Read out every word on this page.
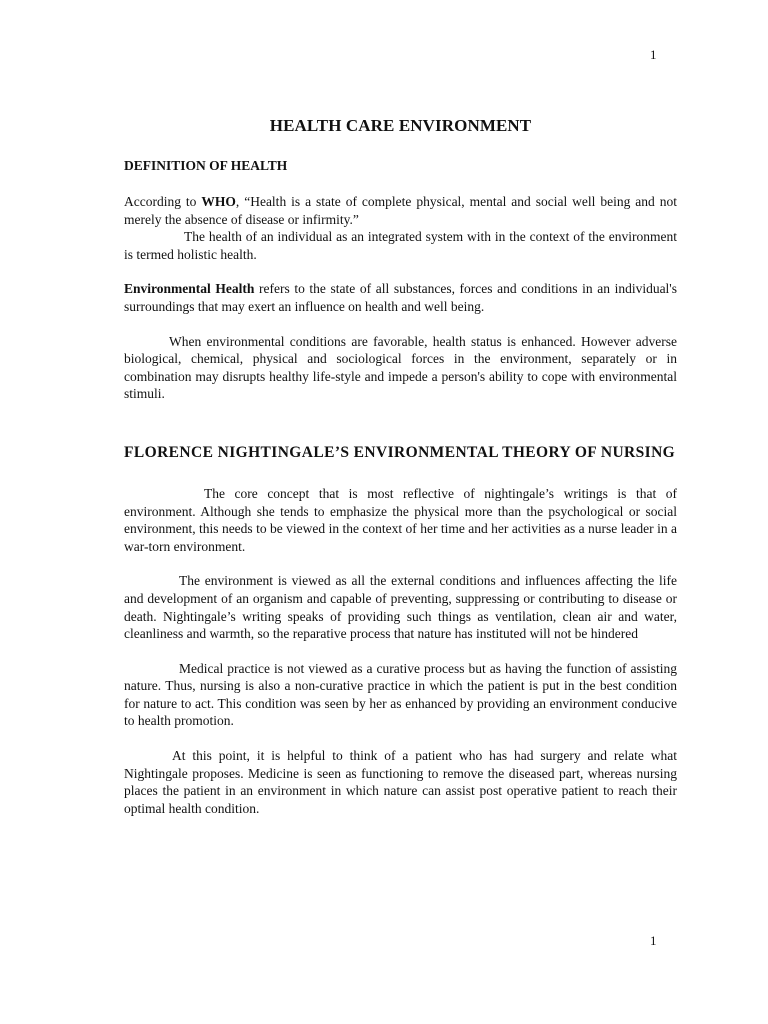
1
HEALTH CARE ENVIRONMENT
DEFINITION OF HEALTH

According to WHO, “Health is a state of complete physical, mental and social well being and not merely the absence of disease or infirmity.”

The health of an individual as an integrated system with in the context of the environment is termed holistic health.

Environmental Health refers to the state of all substances, forces and conditions in an individual's surroundings that may exert an influence on health and well being.

When environmental conditions are favorable, health status is enhanced. However adverse biological, chemical, physical and sociological forces in the environment, separately or in combination may disrupts healthy life-style and impede a person's ability to cope with environmental stimuli.

FLORENCE NIGHTINGALE’S ENVIRONMENTAL THEORY OF NURSING

The core concept that is most reflective of nightingale’s writings is that of environment. Although she tends to emphasize the physical more than the psychological or social environment, this needs to be viewed in the context of her time and her activities as a nurse leader in a war-torn environment.

The environment is viewed as all the external conditions and influences affecting the life and development of an organism and capable of preventing, suppressing or contributing to disease or death. Nightingale’s writing speaks of providing such things as ventilation, clean air and water, cleanliness and warmth, so the reparative process that nature has instituted will not be hindered

Medical practice is not viewed as a curative process but as having the function of assisting nature. Thus, nursing is also a non-curative practice in which the patient is put in the best condition for nature to act. This condition was seen by her as enhanced by providing an environment conducive to health promotion.

At this point, it is helpful to think of a patient who has had surgery and relate what Nightingale proposes. Medicine is seen as functioning to remove the diseased part, whereas nursing places the patient in an environment in which nature can assist post operative patient to reach their optimal health condition.

1
